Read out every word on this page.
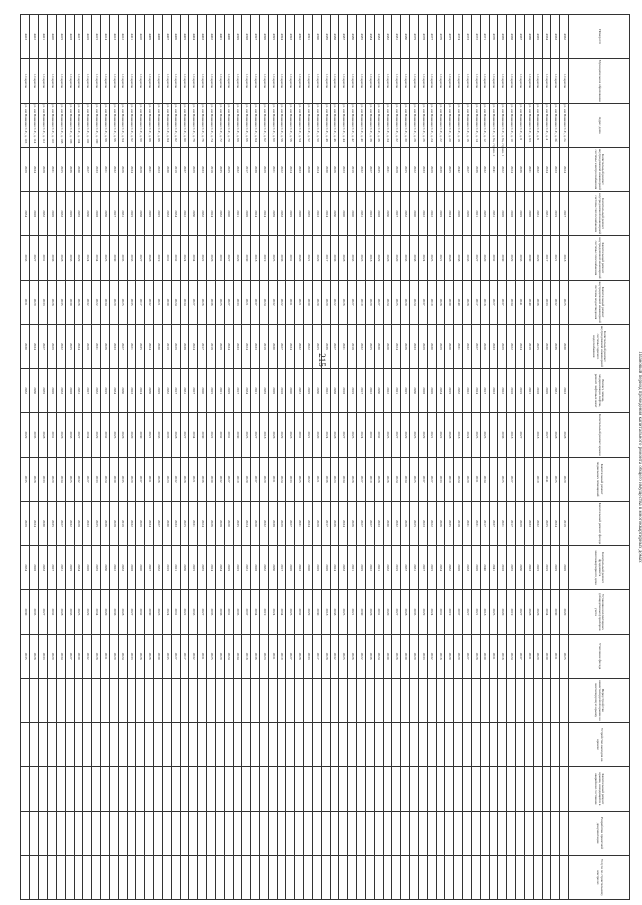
215	Плановый период проведения капитального ремонта общего имущества в многоквартирных домах
Номер п/п	Муниципальное образование	Адрес дома	Капитальный ремонт внутридомовой инженерной системы электроснабжения	Капитальный ремонт внутридомовой инженерной системы теплоснабжения	Капитальный ремонт внутридомовой инженерной системы газоснабжения	Капитальный ремонт внутридомовой инженерной системы водоотведения	Капитальный ремонт внутридомовой инженерной системы горячего водоснабжения	Ремонт, замена, модернизация лифтов, ремонт лифтовых шахт	Капитальный ремонт крыши	Капитальный ремонт подвальных помещений	Капитальный ремонт фасада	Капитальный ремонт фундамента многоквартирного дома	Установка коллективных (общедомовых) приборов учета	Утепление фасада	Переустройство невентилируемой крыши на вентилируемую крышу	Устройство выходов на кровлю	Капитальный ремонт крыши, находящейся в аварийном состоянии	Разработка проектной документации	Услуги по строительному контролю
4362	г. Саратов	ул. им Пашенко С.Г., д. 2а	2024	2027	2018	2025	2030	2023	2028	2029	2019	2026	2020	2025					
4363	г. Саратов	ул. им Пашенко С.Г., д. 3б	2023	2019	2021	2032	2036	2031	2028	2025	2034	2029	2030	2031					
4364	г. Саратов	ул. им Пашенко С.Г., д. 4	2034	2031	2017	2033	2030	2026	2027	2041	2025	2019	2034	2030					
4365	г. Саратов	ул. им Пашенко С.Г., д. 6	2032	2031	2029	2036	2025	2018	2018	2019	2032	2025	2026	2029					
4366	г. Саратов	ул. им Пашенко С.Г., д. 6/1	2031	2026	2030	2040	2019	2021			2033	2023	2028	2031					
4367	г. Саратов	ул. им Пашенко С.Г., д. 8	2036	2029	2033	2041	2034	2019	2027		2029	2030	2027	2037					
4368	г. Саратов	ул. им Пашенко С.Г., д. 10	2024	2028	2029	2034	2022	2018	2018	2027	2017	2035	2019	2024					
4369	г. Саратов	ул. им Пашенко С.Г., д. 6а, строен. 1	2022	2026	2030	2037	2029	2022	2036	2025	2021	2018	2020	2018					
4370	г. Саратов	ул. им Пашенко С.Г., д. 6а, строен. 2	2041	2031	2032	2027	2033	2023			2037	2041	2025	2031					
4371	г. Саратов	ул. им Пашенко С.Г., д. 12	2032	2035	2020	2018	2020	2017	2025	2034	2017	2040	2018	2030					
4372	г. Саратов	ул. им Пашенко С.Г., д. 14	2036	2021	2027	2017	2027	2024	2025	2031	2031	2026	2021	2028					
4373	г. Саратов	ул. им Пашенко С.Г., д. 16	2027	2039	2033	2028	2032	2022	2024	2029	2031	2033	2027	2027					
4374	г. Саратов	ул. им Пашенко С.Г., д. 18	2042	2026	2038	2040	2031	2032	2018	2024	2018	2026	2037	2029					
4375	г. Саратов	ул. им Пашенко С.Г., д. 20	2025	2024	2028	2030	2020	2019	2028	2019	2035	2032	2019	2020					
4376	г. Саратов	ул. им Пашенко С.Г., д. 22	2039	2029	2021	2028	2029	2034	2022	2033	2026	2034	2031	2018					
4377	г. Саратов	ул. им Пашенко С.Г., д. 24	2029	2022	2025	2019	2030	2026	2021	2027	2022	2025	2024	2032					
4378	г. Саратов	ул. им Пашенко С.Г., д. 26	2033	2022	2024	2037	2029	2028	2029	2037	2023	2027	2029	2033					
4379	г. Саратов	ул. им Пашенко С.Г., д. 28	2022	2020	2038	2024	2033	2030	2025	2025	2025	2031	2035	2029					
4380	г. Саратов	ул. им Пашенко С.Г., д. 30	2025	2032	2033	2020	2026	2025	2029	2034	2026	2037	2028	2030					
4381	г. Саратов	ул. им Пашенко С.Г., д. 32	2028	2027	2020	2025	2024	2021	2027	2024	2032	2019	2027	2026					
4382	г. Саратов	ул. им Пашенко С.Г., д. 34	2031	2030	2026	2024	2020	2022	2025	2026	2030	2032	2020	2030					
4383	г. Саратов	ул. им Пашенко С.Г., д. 36	2035	2028	2029	2027	2030	2030	2032	2028	2033	2021	2031	2024					
4384	г. Саратов	ул. им Пашенко С.Г., д. 38	2027	2023	2018	2029	2025	2022	2031	2019	2027	2022	2026	2036					
4385	г. Саратов	ул. им Пашенко С.Г., д. 40	2032	2031	2023	2019	2032	2017	2024	2027	2027	2029	2030	2022					
4386	г. Саратов	ул. им Пашенко С.Г., д. 42	2019	2020	2033	2027	2018	2019	2025	2028	2026	2021	2021	2026					
4387	г. Саратов	ул. им Пашенко С.Г., д. 44	2023	2020	2028	2026	2031	2018	2027	2034	2034	2033	2025	2025					
4388	г. Саратов	ул. им Пашенко С.Г., д. 46	2026	2030	2036	2022	2027	2038	2028	2023	2036	2024	2038	2032					
4389	г. Саратов	ул. им Пашенко С.Г., д. 48	2030	2024	2017	2029	2036	2022	2024	2036	2017	2026	2018	2028					
4390	г. Саратов	ул. им Пашенко С.Г., д. 50	2024	2023	2029	2020	2025	2030	2020	2021	2028	2029	2030	2017					
4391	г. Саратов	ул. им Пашенко С.Г., д. 52	2020	2035	2021	2030	2022	2029	2021	2022	2034	2020	2029	2033					
4392	г. Саратов	ул. им Пашенко С.Г., д. 54	2033	2026	2020	2021	2032	2031	2031	2025	2031	2023	2032	2028					
4393	г. Саратов	ул. им Пашенко С.Г., д. 56	2024	2029	2031	2031	2034	2020	2023	2033	2027	2026	2025	2027					
4394	г. Саратов	ул. им Пашенко С.Г., д. 58	2022	2033	2036	2022	2027	2018	2029	2024	2029	2017	2034	2019					
4395	г. Саратов	ул. им Пашенко С.Г., д. 60	2021	2039	2025	2032	2030	2026	2026	2031	2038	2030	2024	2031					
4396	г. Саратов	ул. им Пашенко С.Г., д. 62	2029	2024	2019	2024	2019	2035	2018	2029	2032	2032	2019	2023					
4397	г. Саратов	ул. им Пашенко С.Г., д. 64	2038	2024	2018	2037	2033	2021	2027	2037	2020	2028	2034	2036					
4398	г. Саратов	ул. им Пашенко С.Г., д. 66	2017	2026	2030	2021	2024	2034	2025	2020	2024	2031	2037	2018					
4399	г. Саратов	ул. им Пашенко С.Г., д. 68	2032	2021	2029	2033	2033	2017	2030	2019	2035	2025	2035	2034					
4400	г. Саратов	ул. им Пашенко С.Г., д. 70	2025	2020	2027	2027	2034	2029	2031	2027	2020	2029	2031	2024					
4401	г. Саратов	ул. им Пашенко С.Г., д. 72	2035	2032	2031	2025	2029	2021	2032	2032	2028	2034	2036	2029					
4402	г. Саратов	ул. им Пашенко С.Г., д. 74	2018	2024	2026	2036	2018	2025	2022	2030	2026	2024	2035	2025					
4403	г. Саратов	ул. им Пашенко С.Г., д. 76	2033	2032	2022	2026	2017	2020	2030	2036	2024	2035	2027	2031					
4404	г. Саратов	ул. им Пашенко С.Г., д. 78	2029	2030	2034	2027	2024	2027	2034	2021	2031	2025	2033	2032					
4405	г. Саратов	ул. им Пашенко С.Г., д. 80	2037	2022	2024	2034	2038	2031	2027	2028	2025	2036	2022	2017					
4406	г. Саратов	ул. им Пашенко С.Г., д. 82	2019	2034	2032	2024	2029	2017	2028	2032	2033	2021	2031	2027					
4407	г. Саратов	ул. им Пашенко С.Г., д. 84	2030	2033	2031	2030	2019	2032	2035	2023	2030	2019	2024	2035					
4408	г. Саратов	ул. им Пашенко С.Г., д. 86	2023	2025	2019	2021	2030	2029	2033	2026	2027	2032	2023	2030					
4409	г. Саратов	ул. им Пашенко С.Г., д. 88	2031	2029	2028	2032	2024	2036	2021	2031	2034	2027	2030	2026					
4410	г. Саратов	ул. им Пашенко С.Г., д. 90	2028	2038	2027	2017	2035	2024	2030	2037	2029	2020	2032	2028					
4411	г. Саратов	ул. им Пашенко С.Г., д. 92	2034	2025	2033	2035	2021	2023	2020	2029	2032	2028	2027	2033					
4412	г. Саратов	ул. им Пашенко С.Г., д. 94	2026	2031	2035	2025	2027	2030	2026	2035	2019	2033	2028	2024					
4413	г. Саратов	ул. им Пашенко С.Г., д. 96	2032	2027	2030	2029	2033	2034	2025	2030	2028	2022	2036	2029					
4414	г. Саратов	ул. им Пашенко С.Г., д. 98	2021	2036	2025	2034	2026	2019	2032	2024	2036	2030	2020	2031					
4415	г. Саратов	ул. им Пашенко С.Г., д. 100	2033	2028	2034	2022	2031	2032	2029	2033	2025	2035	2034	2028					
4416	г. Саратов	ул. им Пашенко С.Г., д. 102	2027	2030	2024	2032	2028	2027	2034	2027	2033	2026	2029	2032					
4417	г. Саратов	ул. им Пашенко С.Г., д. 104	2030	2035	2029	2026	2034	2031	2027	2032	2028	2034	2025	2030					
4418	г. Саратов	ул. им Пашенко С.Г., д. 106	2036	2029	2033	2030	2025	2028	2033	2025	2032	2029	2033	2027					
4419	г. Саратов	ул. им Пашенко С.Г., д. 108	2025	2033	2028	2035	2032	2033	2026	2034	2027	2031	2028	2034					
4420	г. Саратов	ул. им Пашенко С.Г., д. 110	2031	2026	2036	2028	2029	2026	2031	2029	2035	2027	2032	2029					
4421	г. Саратов	ул. им Пашенко С.Г., д. 112	2028	2032	2031	2033	2027	2035	2028	2033	2030	2033	2027	2033					
4422	г. Саратов	ул. им Пашенко С.Г., д. 114	2034	2028	2027	2029	2034	2030	2035	2028	2034	2028	2035	2028					
4423	г. Саратов	ул. им Пашенко С.Г., д. 116	2029	2034	2033	2031	2030	2032	2029	2035	2029	2034	2030	2035					
